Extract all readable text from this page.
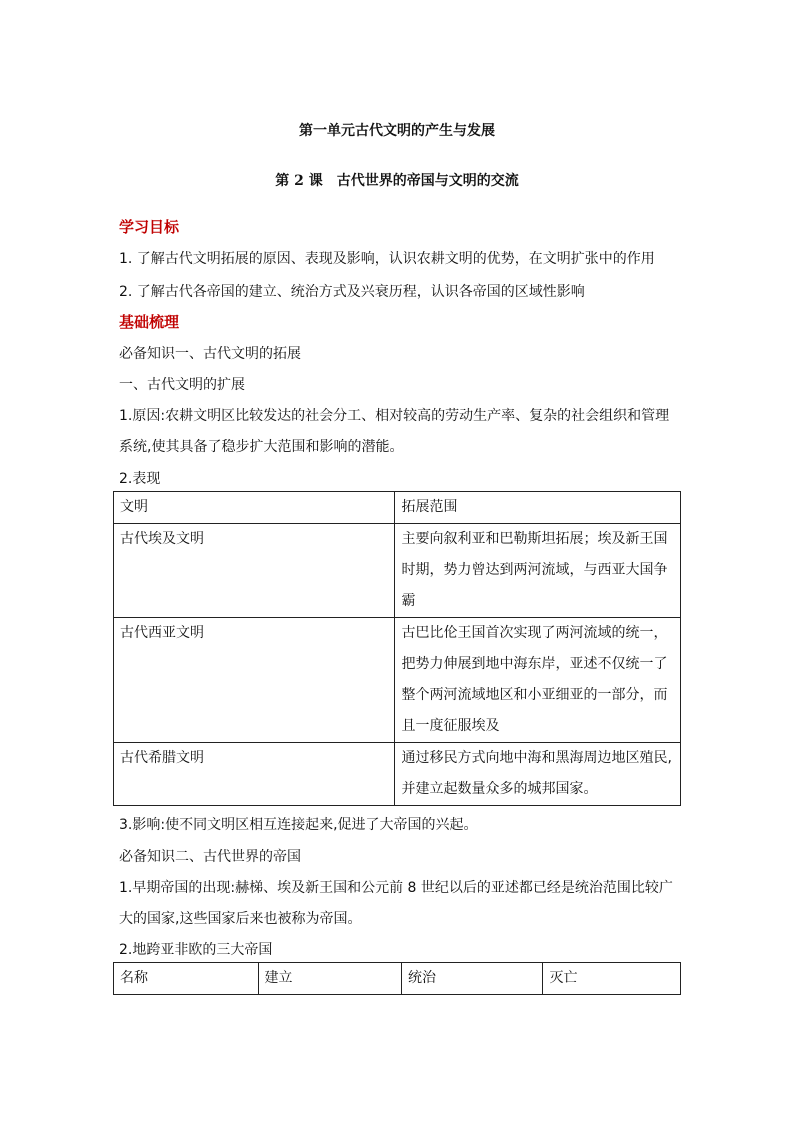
第一单元古代文明的产生与发展
第 2 课　古代世界的帝国与文明的交流
学习目标
1. 了解古代文明拓展的原因、表现及影响，认识农耕文明的优势，在文明扩张中的作用
2. 了解古代各帝国的建立、统治方式及兴衰历程，认识各帝国的区域性影响
基础梳理
必备知识一、古代文明的拓展
一、古代文明的扩展
1.原因:农耕文明区比较发达的社会分工、相对较高的劳动生产率、复杂的社会组织和管理
系统,使其具备了稳步扩大范围和影响的潜能。
2.表现
文明	拓展范围
古代埃及文明	主要向叙利亚和巴勒斯坦拓展；埃及新王国时期，势力曾达到两河流域，与西亚大国争霸
古代西亚文明	古巴比伦王国首次实现了两河流域的统一，把势力伸展到地中海东岸，亚述不仅统一了整个两河流域地区和小亚细亚的一部分，而且一度征服埃及
古代希腊文明	通过移民方式向地中海和黑海周边地区殖民,并建立起数量众多的城邦国家。
3.影响:使不同文明区相互连接起来,促进了大帝国的兴起。
必备知识二、古代世界的帝国
1.早期帝国的出现:赫梯、埃及新王国和公元前 8 世纪以后的亚述都已经是统治范围比较广
大的国家,这些国家后来也被称为帝国。
2.地跨亚非欧的三大帝国
名称	建立	统治	灭亡
